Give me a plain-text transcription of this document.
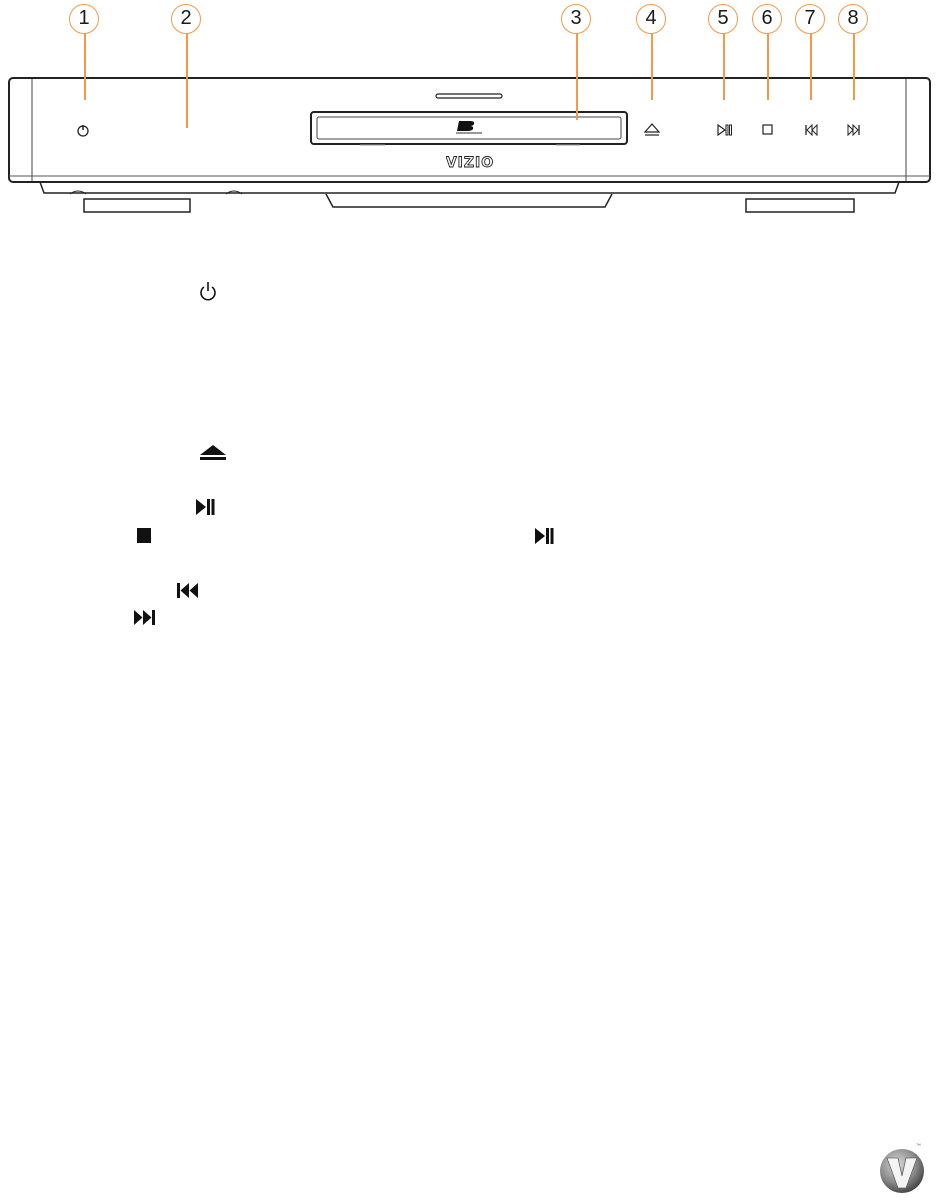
VIZIO
1	2	3	4	5	6	7	8
™
